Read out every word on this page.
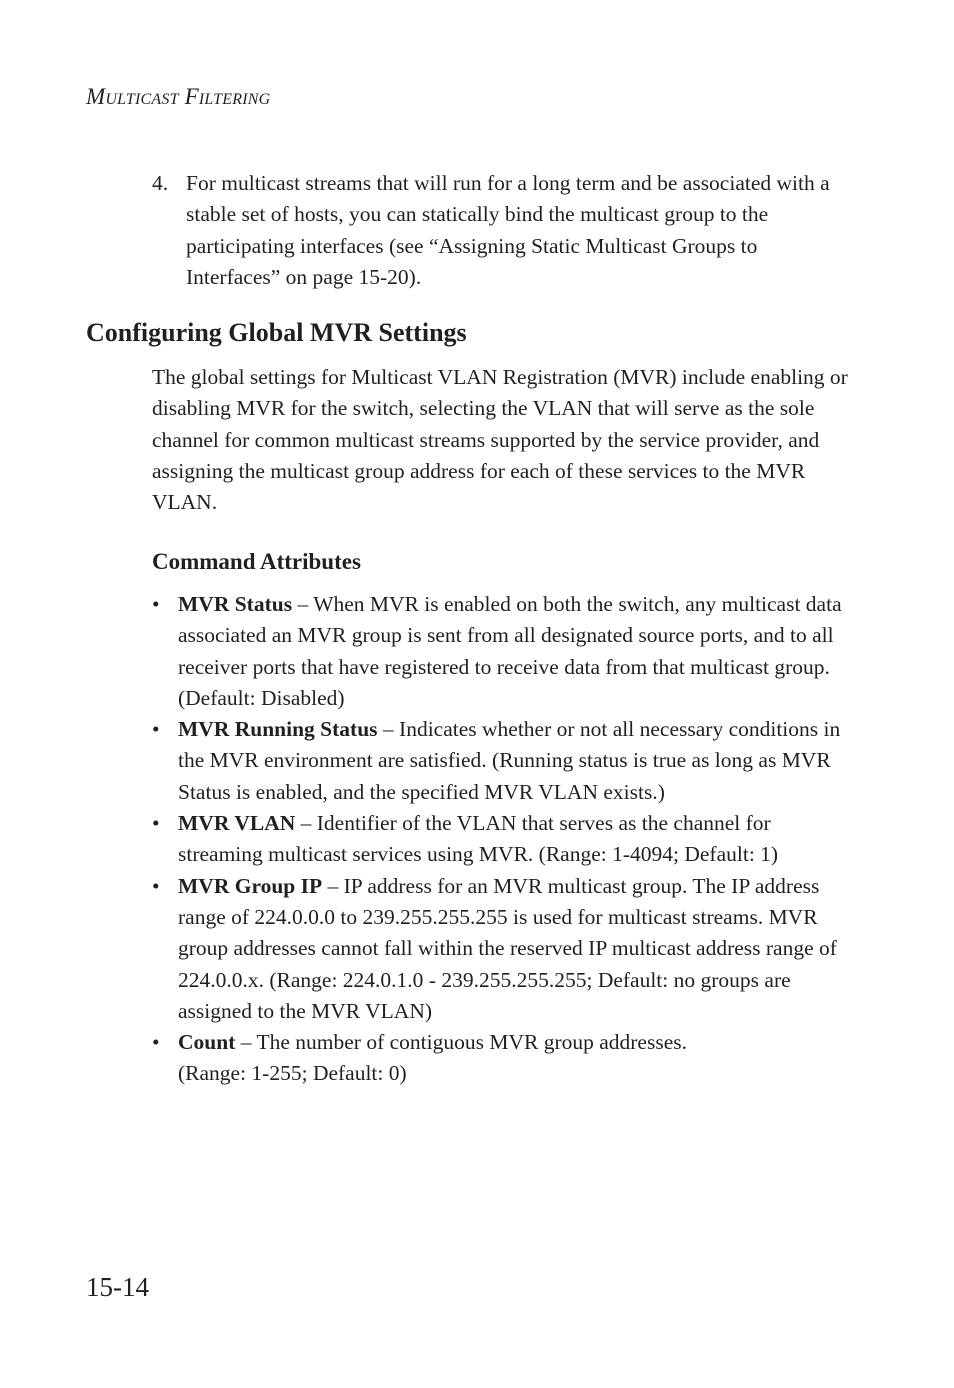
Multicast Filtering
4. For multicast streams that will run for a long term and be associated with a stable set of hosts, you can statically bind the multicast group to the participating interfaces (see “Assigning Static Multicast Groups to Interfaces” on page 15-20).
Configuring Global MVR Settings
The global settings for Multicast VLAN Registration (MVR) include enabling or disabling MVR for the switch, selecting the VLAN that will serve as the sole channel for common multicast streams supported by the service provider, and assigning the multicast group address for each of these services to the MVR VLAN.
Command Attributes
• MVR Status – When MVR is enabled on both the switch, any multicast data associated an MVR group is sent from all designated source ports, and to all receiver ports that have registered to receive data from that multicast group. (Default: Disabled)
• MVR Running Status – Indicates whether or not all necessary conditions in the MVR environment are satisfied. (Running status is true as long as MVR Status is enabled, and the specified MVR VLAN exists.)
• MVR VLAN – Identifier of the VLAN that serves as the channel for streaming multicast services using MVR. (Range: 1-4094; Default: 1)
• MVR Group IP – IP address for an MVR multicast group. The IP address range of 224.0.0.0 to 239.255.255.255 is used for multicast streams. MVR group addresses cannot fall within the reserved IP multicast address range of 224.0.0.x. (Range: 224.0.1.0 - 239.255.255.255; Default: no groups are assigned to the MVR VLAN)
• Count – The number of contiguous MVR group addresses.
(Range: 1-255; Default: 0)
15-14
